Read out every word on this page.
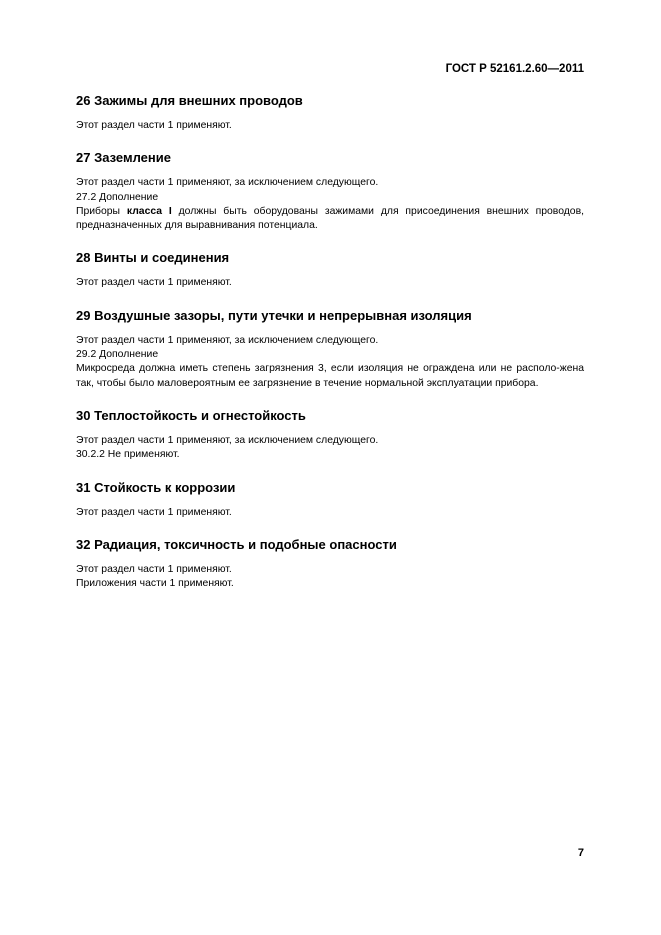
ГОСТ Р 52161.2.60—2011
26 Зажимы для внешних проводов

Этот раздел части 1 применяют.

27 Заземление

Этот раздел части 1 применяют, за исключением следующего.

27.2 Дополнение

Приборы класса I должны быть оборудованы зажимами для присоединения внешних проводов, предназначенных для выравнивания потенциала.

28 Винты и соединения

Этот раздел части 1 применяют.

29 Воздушные зазоры, пути утечки и непрерывная изоляция

Этот раздел части 1 применяют, за исключением следующего.

29.2 Дополнение

Микросреда должна иметь степень загрязнения 3, если изоляция не ограждена или не располо-жена так, чтобы было маловероятным ее загрязнение в течение нормальной эксплуатации прибора.

30 Теплостойкость и огнестойкость

Этот раздел части 1 применяют, за исключением следующего.

30.2.2 Не применяют.

31 Стойкость к коррозии

Этот раздел части 1 применяют.

32 Радиация, токсичность и подобные опасности

Этот раздел части 1 применяют.

Приложения части 1 применяют.

7
